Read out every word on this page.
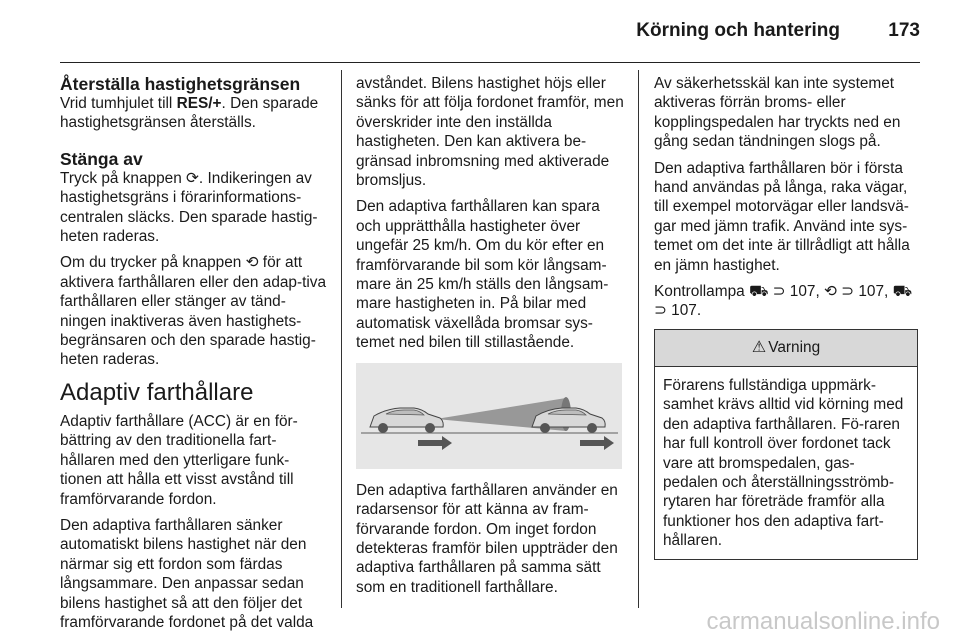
Körning och hantering	173
Återställa hastighetsgränsen

Vrid tumhjulet till RES/+. Den sparade hastighetsgränsen återställs.

Stänga av

Tryck på knappen ⟳. Indikeringen av hastighetsgräns i förarinformations-centralen släcks. Den sparade hastig-heten raderas.

Om du trycker på knappen ⟲ för att aktivera farthållaren eller den adap-tiva farthållaren eller stänger av tänd-ningen inaktiveras även hastighets-begränsaren och den sparade hastig-heten raderas.

Adaptiv farthållare

Adaptiv farthållare (ACC) är en för-bättring av den traditionella fart-hållaren med den ytterligare funk-tionen att hålla ett visst avstånd till framförvarande fordon.

Den adaptiva farthållaren sänker automatiskt bilens hastighet när den närmar sig ett fordon som färdas långsammare. Den anpassar sedan bilens hastighet så att den följer det framförvarande fordonet på det valda

avståndet. Bilens hastighet höjs eller sänks för att följa fordonet framför, men överskrider inte den inställda hastigheten. Den kan aktivera be-gränsad inbromsning med aktiverade bromsljus.

Den adaptiva farthållaren kan spara och upprätthålla hastigheter över ungefär 25 km/h. Om du kör efter en framförvarande bil som kör långsam-mare än 25 km/h ställs den långsam-mare hastigheten in. På bilar med automatisk växellåda bromsar sys-temet ned bilen till stillastående.

Den adaptiva farthållaren använder en radarsensor för att känna av fram-förvarande fordon. Om inget fordon detekteras framför bilen uppträder den adaptiva farthållaren på samma sätt som en traditionell farthållare.

Av säkerhetsskäl kan inte systemet aktiveras förrän broms- eller kopplingspedalen har tryckts ned en gång sedan tändningen slogs på.

Den adaptiva farthållaren bör i första hand användas på långa, raka vägar, till exempel motorvägar eller landsvä-gar med jämn trafik. Använd inte sys-temet om det inte är tillrådligt att hålla en jämn hastighet.

Kontrollampa ⛟ ⊃ 107, ⟲ ⊃ 107, ⛟ ⊃ 107.

⚠ Varning
Förarens fullständiga uppmärk-samhet krävs alltid vid körning med den adaptiva farthållaren. Fö-raren har full kontroll över fordonet tack vare att bromspedalen, gas-pedalen och återställningsströmb-rytaren har företräde framför alla funktioner hos den adaptiva fart-hållaren.
carmanualsonline.info
